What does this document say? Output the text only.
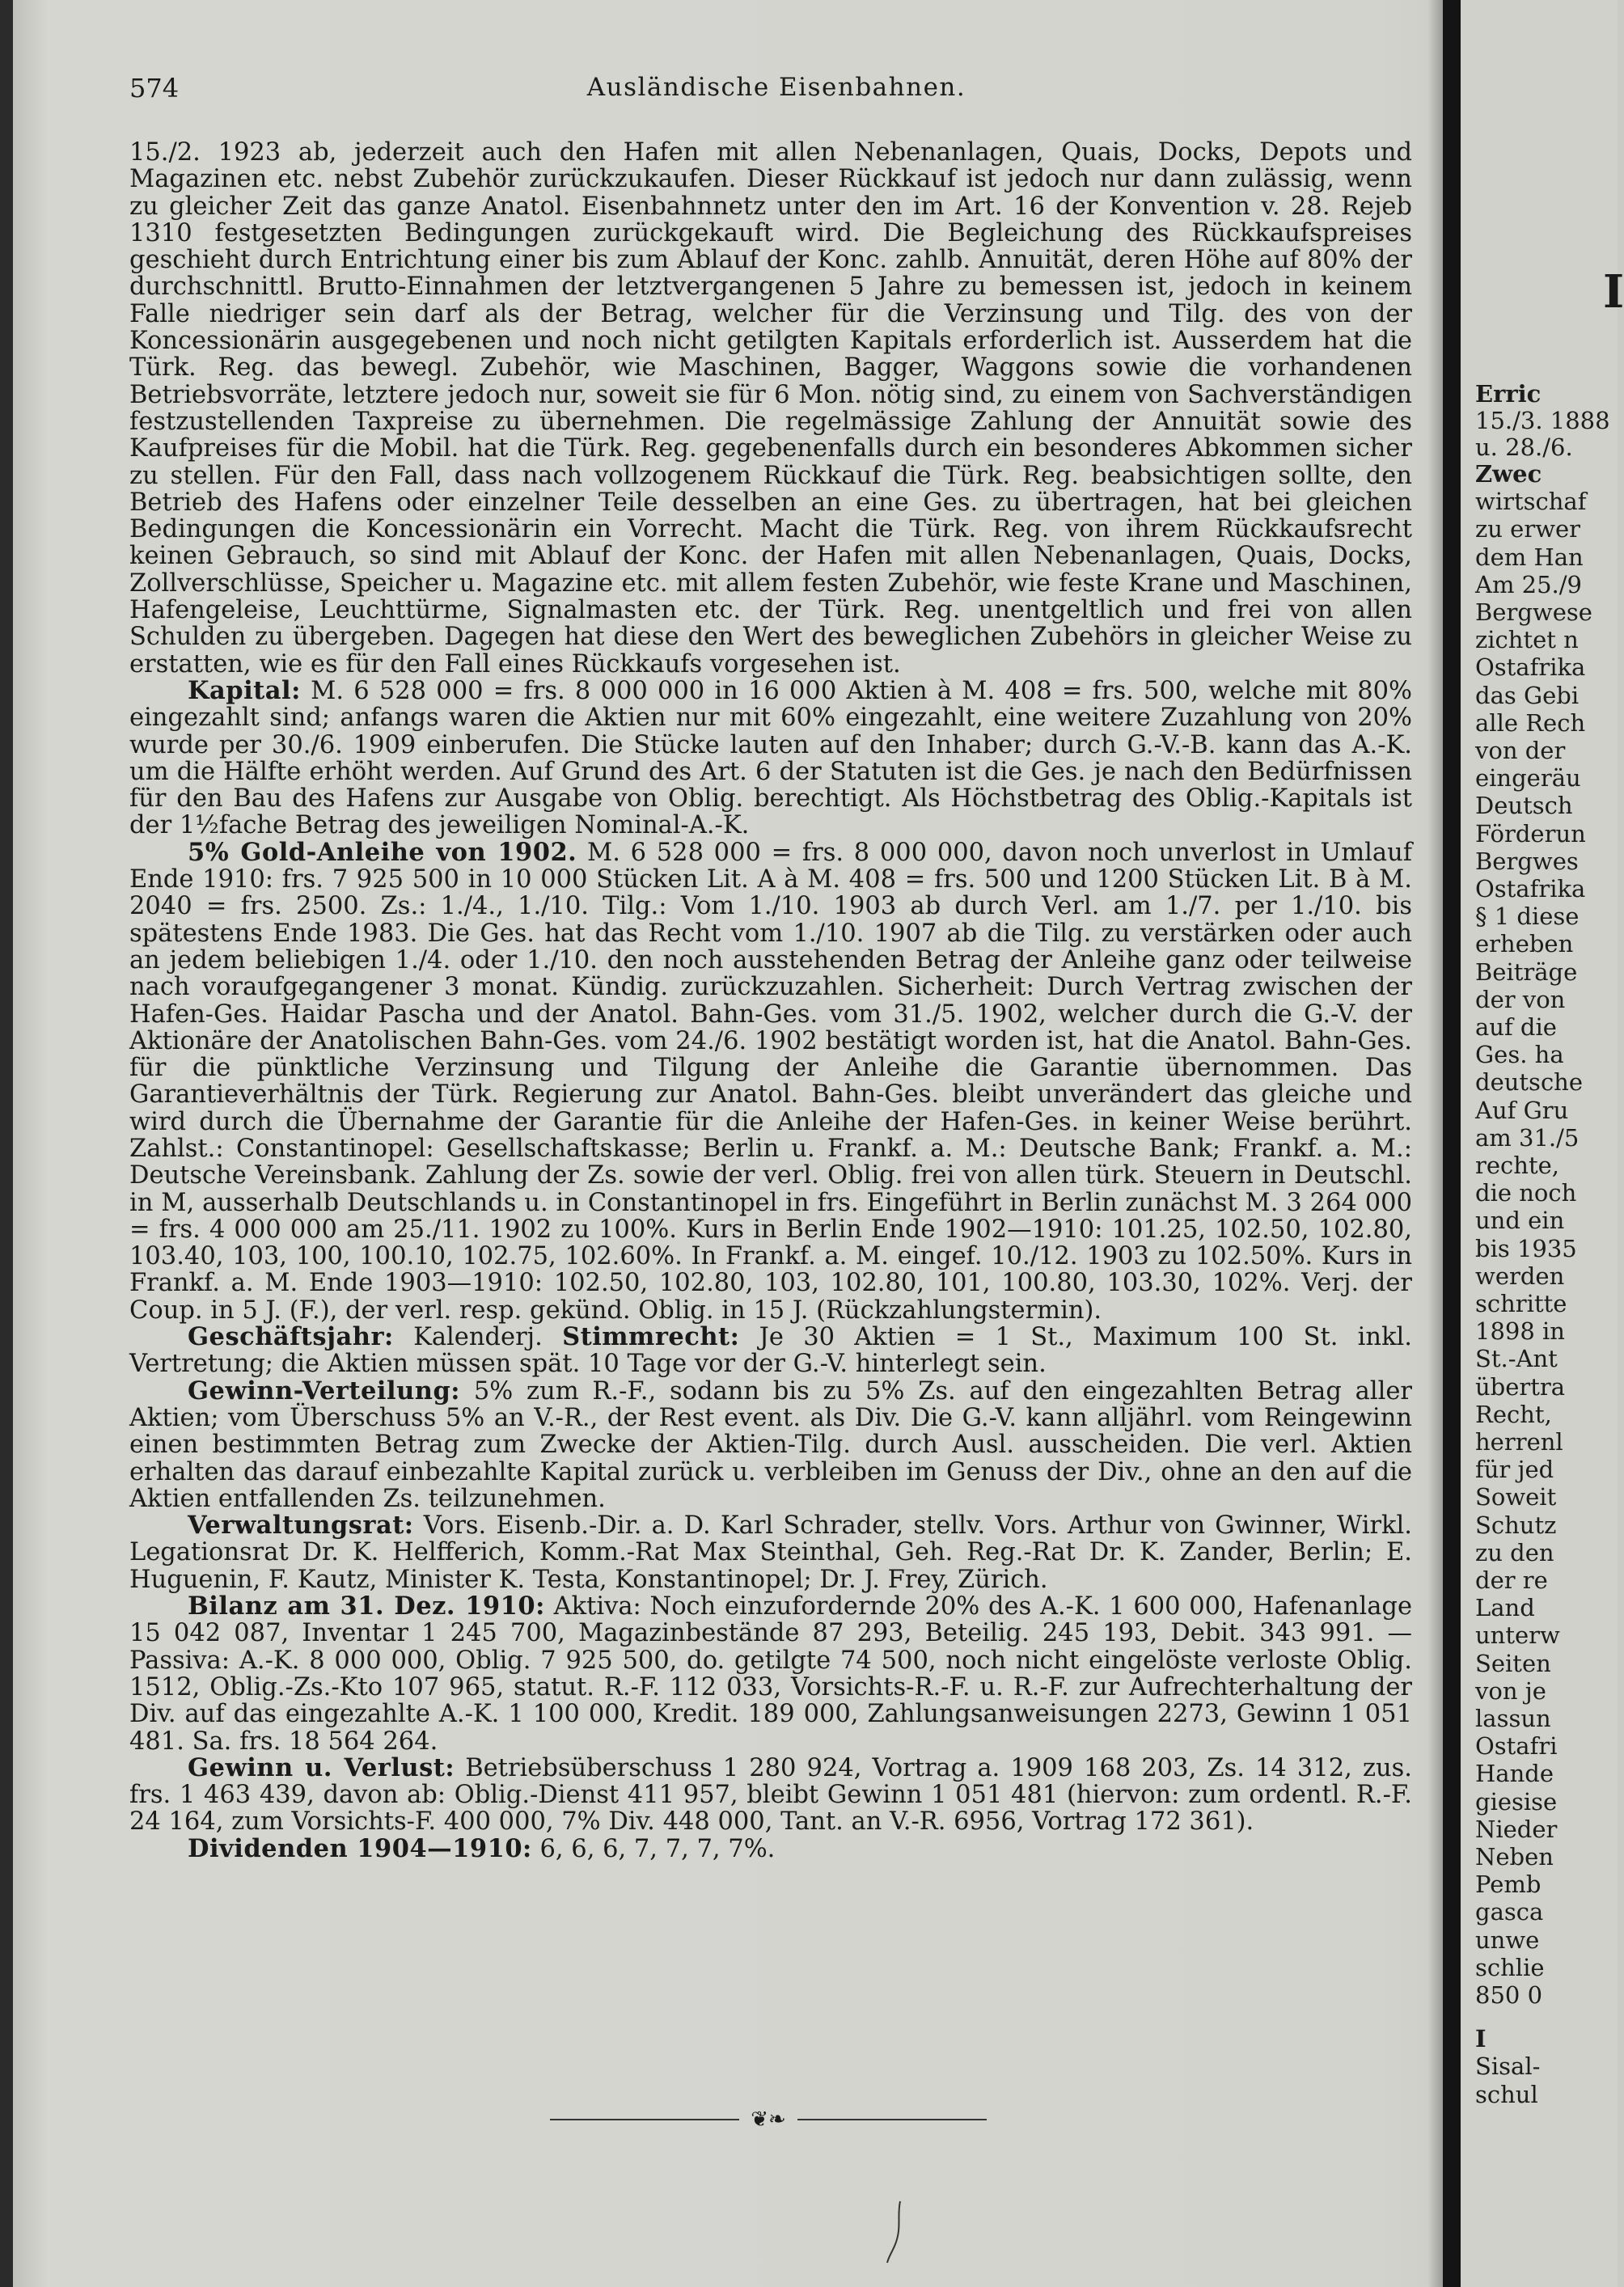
574	Ausländische Eisenbahnen.

15./2. 1923 ab, jederzeit auch den Hafen mit allen Nebenanlagen, Quais, Docks, Depots und Magazinen etc. nebst Zubehör zurückzukaufen. Dieser Rückkauf ist jedoch nur dann zulässig, wenn zu gleicher Zeit das ganze Anatol. Eisenbahnnetz unter den im Art. 16 der Konvention v. 28. Rejeb 1310 festgesetzten Bedingungen zurückgekauft wird. Die Begleichung des Rückkaufspreises geschieht durch Entrichtung einer bis zum Ablauf der Konc. zahlb. Annuität, deren Höhe auf 80% der durchschnittl. Brutto-Einnahmen der letztvergangenen 5 Jahre zu bemessen ist, jedoch in keinem Falle niedriger sein darf als der Betrag, welcher für die Verzinsung und Tilg. des von der Koncessionärin ausgegebenen und noch nicht getilgten Kapitals erforderlich ist. Ausserdem hat die Türk. Reg. das bewegl. Zubehör, wie Maschinen, Bagger, Waggons sowie die vorhandenen Betriebsvorräte, letztere jedoch nur, soweit sie für 6 Mon. nötig sind, zu einem von Sachverständigen festzustellenden Taxpreise zu übernehmen. Die regelmässige Zahlung der Annuität sowie des Kaufpreises für die Mobil. hat die Türk. Reg. gegebenenfalls durch ein besonderes Abkommen sicher zu stellen. Für den Fall, dass nach vollzogenem Rückkauf die Türk. Reg. beabsichtigen sollte, den Betrieb des Hafens oder einzelner Teile desselben an eine Ges. zu übertragen, hat bei gleichen Bedingungen die Koncessionärin ein Vorrecht. Macht die Türk. Reg. von ihrem Rückkaufsrecht keinen Gebrauch, so sind mit Ablauf der Konc. der Hafen mit allen Nebenanlagen, Quais, Docks, Zollverschlüsse, Speicher u. Magazine etc. mit allem festen Zubehör, wie feste Krane und Maschinen, Hafengeleise, Leuchttürme, Signalmasten etc. der Türk. Reg. unentgeltlich und frei von allen Schulden zu übergeben. Dagegen hat diese den Wert des beweglichen Zubehörs in gleicher Weise zu erstatten, wie es für den Fall eines Rückkaufs vorgesehen ist.

Kapital: M. 6 528 000 = frs. 8 000 000 in 16 000 Aktien à M. 408 = frs. 500, welche mit 80% eingezahlt sind; anfangs waren die Aktien nur mit 60% eingezahlt, eine weitere Zuzahlung von 20% wurde per 30./6. 1909 einberufen. Die Stücke lauten auf den Inhaber; durch G.-V.-B. kann das A.-K. um die Hälfte erhöht werden. Auf Grund des Art. 6 der Statuten ist die Ges. je nach den Bedürfnissen für den Bau des Hafens zur Ausgabe von Oblig. berechtigt. Als Höchstbetrag des Oblig.-Kapitals ist der 1½fache Betrag des jeweiligen Nominal-A.-K.

5% Gold-Anleihe von 1902. M. 6 528 000 = frs. 8 000 000, davon noch unverlost in Umlauf Ende 1910: frs. 7 925 500 in 10 000 Stücken Lit. A à M. 408 = frs. 500 und 1200 Stücken Lit. B à M. 2040 = frs. 2500. Zs.: 1./4., 1./10. Tilg.: Vom 1./10. 1903 ab durch Verl. am 1./7. per 1./10. bis spätestens Ende 1983. Die Ges. hat das Recht vom 1./10. 1907 ab die Tilg. zu verstärken oder auch an jedem beliebigen 1./4. oder 1./10. den noch ausstehenden Betrag der Anleihe ganz oder teilweise nach voraufgegangener 3 monat. Kündig. zurückzuzahlen. Sicherheit: Durch Vertrag zwischen der Hafen-Ges. Haidar Pascha und der Anatol. Bahn-Ges. vom 31./5. 1902, welcher durch die G.-V. der Aktionäre der Anatolischen Bahn-Ges. vom 24./6. 1902 bestätigt worden ist, hat die Anatol. Bahn-Ges. für die pünktliche Verzinsung und Tilgung der Anleihe die Garantie übernommen. Das Garantieverhältnis der Türk. Regierung zur Anatol. Bahn-Ges. bleibt unverändert das gleiche und wird durch die Übernahme der Garantie für die Anleihe der Hafen-Ges. in keiner Weise berührt. Zahlst.: Constantinopel: Gesellschaftskasse; Berlin u. Frankf. a. M.: Deutsche Bank; Frankf. a. M.: Deutsche Vereinsbank. Zahlung der Zs. sowie der verl. Oblig. frei von allen türk. Steuern in Deutschl. in M, ausserhalb Deutschlands u. in Constantinopel in frs. Eingeführt in Berlin zunächst M. 3 264 000 = frs. 4 000 000 am 25./11. 1902 zu 100%. Kurs in Berlin Ende 1902—1910: 101.25, 102.50, 102.80, 103.40, 103, 100, 100.10, 102.75, 102.60%. In Frankf. a. M. eingef. 10./12. 1903 zu 102.50%. Kurs in Frankf. a. M. Ende 1903—1910: 102.50, 102.80, 103, 102.80, 101, 100.80, 103.30, 102%. Verj. der Coup. in 5 J. (F.), der verl. resp. gekünd. Oblig. in 15 J. (Rückzahlungstermin).

Geschäftsjahr: Kalenderj. Stimmrecht: Je 30 Aktien = 1 St., Maximum 100 St. inkl. Vertretung; die Aktien müssen spät. 10 Tage vor der G.-V. hinterlegt sein.

Gewinn-Verteilung: 5% zum R.-F., sodann bis zu 5% Zs. auf den eingezahlten Betrag aller Aktien; vom Überschuss 5% an V.-R., der Rest event. als Div. Die G.-V. kann alljährl. vom Reingewinn einen bestimmten Betrag zum Zwecke der Aktien-Tilg. durch Ausl. ausscheiden. Die verl. Aktien erhalten das darauf einbezahlte Kapital zurück u. verbleiben im Genuss der Div., ohne an den auf die Aktien entfallenden Zs. teilzunehmen.

Verwaltungsrat: Vors. Eisenb.-Dir. a. D. Karl Schrader, stellv. Vors. Arthur von Gwinner, Wirkl. Legationsrat Dr. K. Helfferich, Komm.-Rat Max Steinthal, Geh. Reg.-Rat Dr. K. Zander, Berlin; E. Huguenin, F. Kautz, Minister K. Testa, Konstantinopel; Dr. J. Frey, Zürich.

Bilanz am 31. Dez. 1910: Aktiva: Noch einzufordernde 20% des A.-K. 1 600 000, Hafenanlage 15 042 087, Inventar 1 245 700, Magazinbestände 87 293, Beteilig. 245 193, Debit. 343 991. — Passiva: A.-K. 8 000 000, Oblig. 7 925 500, do. getilgte 74 500, noch nicht eingelöste verloste Oblig. 1512, Oblig.-Zs.-Kto 107 965, statut. R.-F. 112 033, Vorsichts-R.-F. u. R.-F. zur Aufrechterhaltung der Div. auf das eingezahlte A.-K. 1 100 000, Kredit. 189 000, Zahlungsanweisungen 2273, Gewinn 1 051 481. Sa. frs. 18 564 264.

Gewinn u. Verlust: Betriebsüberschuss 1 280 924, Vortrag a. 1909 168 203, Zs. 14 312, zus. frs. 1 463 439, davon ab: Oblig.-Dienst 411 957, bleibt Gewinn 1 051 481 (hiervon: zum ordentl. R.-F. 24 164, zum Vorsichts-F. 400 000, 7% Div. 448 000, Tant. an V.-R. 6956, Vortrag 172 361).

Dividenden 1904—1910: 6, 6, 6, 7, 7, 7, 7%.

❦❧
I
Erric
15./3. 1888
u. 28./6.
Zwec
wirtschaf
zu erwer
dem Han
Am 25./9
Bergwese
zichtet n
Ostafrika
das Gebi
alle Rech
von der
eingeräu
Deutsch
Förderun
Bergwes
Ostafrika
§ 1 diese
erheben
Beiträge
der von
auf die
Ges. ha
deutsche
Auf Gru
am 31./5
rechte,
die noch
und ein
bis 1935
werden
schritte
1898 in
St.-Ant
übertra
Recht,
herrenl
für jed
Soweit
Schutz
zu den
der re
Land
unterw
Seiten
von je
lassun
Ostafri
Hande
giesise
Nieder
Neben
Pemb
gasca
unwe
schlie
850 0
I
Sisal-
schul
